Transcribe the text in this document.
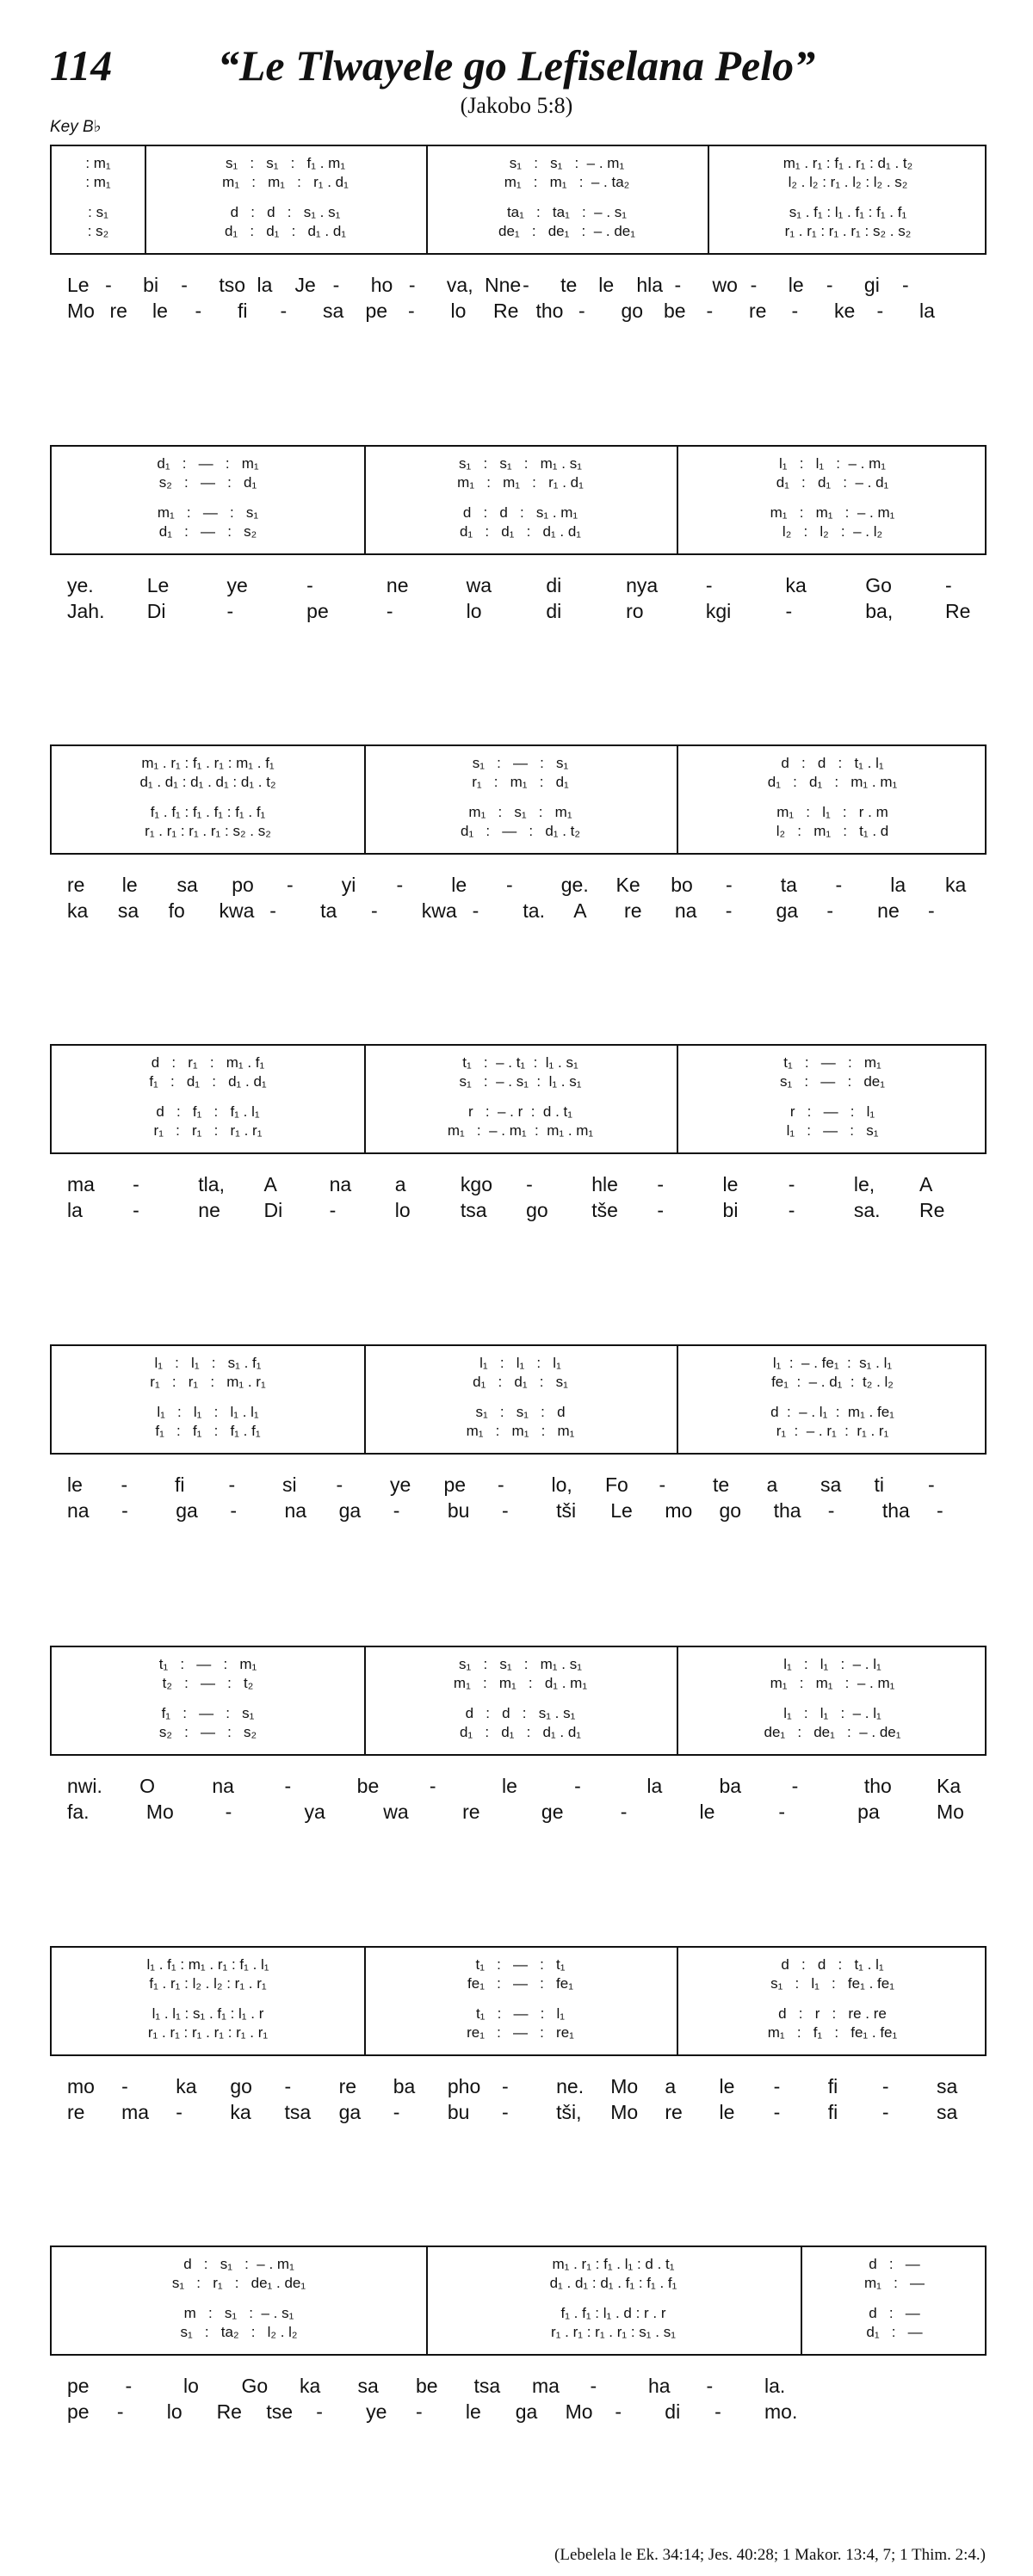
114	“Le Tlwayele go Lefiselana Pelo”
(Jakobo 5:8)
Key B♭
: m₁	s₁   :   s₁   :   f₁ . m₁	s₁   :   s₁   :  – . m₁	m₁ . r₁ : f₁ . r₁ : d₁ . t₂
: m₁	m₁   :   m₁   :   r₁ . d₁	m₁   :   m₁   :  – . ta₂	l₂ . l₂ : r₁ . l₂ : l₂ . s₂
: s₁	d   :   d   :   s₁ . s₁	ta₁   :   ta₁   :  – . s₁	s₁ . f₁ : l₁ . f₁ : f₁ . f₁
: s₂	d₁   :   d₁   :   d₁ . d₁	de₁   :   de₁   :  – . de₁	r₁ . r₁ : r₁ . r₁ : s₂ . s₂
Le - bi - tso la Je - ho - va, Nne - te le hla - wo - le - gi -
Mo re le - fi - sa pe - lo Re tho - go be - re - ke - la
d₁   :   —   :   m₁	s₁   :   s₁   :   m₁ . s₁	l₁   :   l₁   :  – . m₁
s₂   :   —   :   d₁	m₁   :   m₁   :   r₁ . d₁	d₁   :   d₁   :  – . d₁
m₁   :   —   :   s₁	d   :   d   :   s₁ . m₁	m₁   :   m₁   :  – . m₁
d₁   :   —   :   s₂	d₁   :   d₁   :   d₁ . d₁	l₂   :   l₂   :  – . l₂
ye.	Le	ye	-	ne	wa	di	nya -	ka	Go	-
Jah. Di	-	pe	-	lo	di	ro	kgi	-	ba,	Re
m₁ . r₁ : f₁ . r₁ : m₁ . f₁	s₁   :   —   :   s₁	d   :   d   :   t₁ . l₁
d₁ . d₁ : d₁ . d₁ : d₁ . t₂	r₁   :   m₁   :   d₁	d₁   :   d₁   :   m₁ . m₁
f₁ . f₁ : f₁ . f₁ : f₁ . f₁	m₁   :   s₁   :   m₁	m₁   :   l₁   :   r . m
r₁ . r₁ : r₁ . r₁ : s₂ . s₂	d₁   :   —   :   d₁ . t₂	l₂   :   m₁   :   t₁ . d
re le sa po - yi - le - ge. Ke bo - ta - la ka
ka sa fo kwa - ta - kwa - ta. A re na - ga - ne -
d   :   r₁   :   m₁ . f₁	t₁   :  – . t₁  :  l₁ . s₁	t₁   :   —   :   m₁
f₁   :   d₁   :   d₁ . d₁	s₁   :  – . s₁  :  l₁ . s₁	s₁   :   —   :   de₁
d   :   f₁   :   f₁ . l₁	r   :  – . r  :  d . t₁	r   :   —   :   l₁
r₁   :   r₁   :   r₁ . r₁	m₁   :  – . m₁  :  m₁ . m₁	l₁   :   —   :   s₁
ma -	tla, A	na a	kgo -	hle -	le	-	le, A
la	-	ne Di -	lo	tsa go tše -	bi	-	sa. Re
l₁   :   l₁   :   s₁ . f₁	l₁   :   l₁   :   l₁	l₁  :  – . fe₁  :  s₁ . l₁
r₁   :   r₁   :   m₁ . r₁	d₁   :   d₁   :   s₁	fe₁  :  – . d₁  :  t₂ . l₂
l₁   :   l₁   :   l₁ . l₁	s₁   :   s₁   :   d	d  :  – . l₁  :  m₁ . fe₁
f₁   :   f₁   :   f₁ . f₁	m₁   :   m₁   :   m₁	r₁  :  – . r₁  :  r₁ . r₁
le - fi - si - ye pe - lo, Fo - te a sa ti -
na - ga - na ga - bu - tši Le mo go tha - tha -
t₁   :   —   :   m₁	s₁   :   s₁   :   m₁ . s₁	l₁   :   l₁   :  – . l₁
t₂   :   —   :   t₂	m₁   :   m₁   :   d₁ . m₁	m₁   :   m₁   :  – . m₁
f₁   :   —   :   s₁	d   :   d   :   s₁ . s₁	l₁   :   l₁   :  – . l₁
s₂   :   —   :   s₂	d₁   :   d₁   :   d₁ . d₁	de₁   :   de₁   :  – . de₁
nwi. O	na	-	be	-	le	-	la	ba	-	tho Ka
fa.	Mo	-	ya	wa	re	ge	-	le	-	pa	Mo
l₁ . f₁ : m₁ . r₁ : f₁ . l₁	t₁   :   —   :   t₁	d   :   d   :   t₁ . l₁
f₁ . r₁ : l₂ . l₂ : r₁ . r₁	fe₁   :   —   :   fe₁	s₁   :   l₁   :   fe₁ . fe₁
l₁ . l₁ : s₁ . f₁ : l₁ . r	t₁   :   —   :   l₁	d   :   r   :   re . re
r₁ . r₁ : r₁ . r₁ : r₁ . r₁	re₁   :   —   :   re₁	m₁   :   f₁   :   fe₁ . fe₁
mo - ka go - re ba pho - ne. Mo a le - fi - sa
re ma - ka tsa ga - bu - tši, Mo re le - fi - sa
d   :   s₁   :  – . m₁	m₁ . r₁ : f₁ . l₁ : d . t₁	d   :   —
s₁   :   r₁   :   de₁ . de₁	d₁ . d₁ : d₁ . f₁ : f₁ . f₁	m₁   :   —
m   :   s₁   :  – . s₁	f₁ . f₁ : l₁ . d : r . r	d   :   —
s₁   :   ta₂   :   l₂ . l₂	r₁ . r₁ : r₁ . r₁ : s₁ . s₁	d₁   :   —
pe -	lo Go ka sa be tsa ma -	ha -	la.
pe - lo Re tse - ye - le ga Mo - di - mo.
(Lebelela le Ek. 34:14; Jes. 40:28; 1 Makor. 13:4, 7; 1 Thim. 2:4.)
